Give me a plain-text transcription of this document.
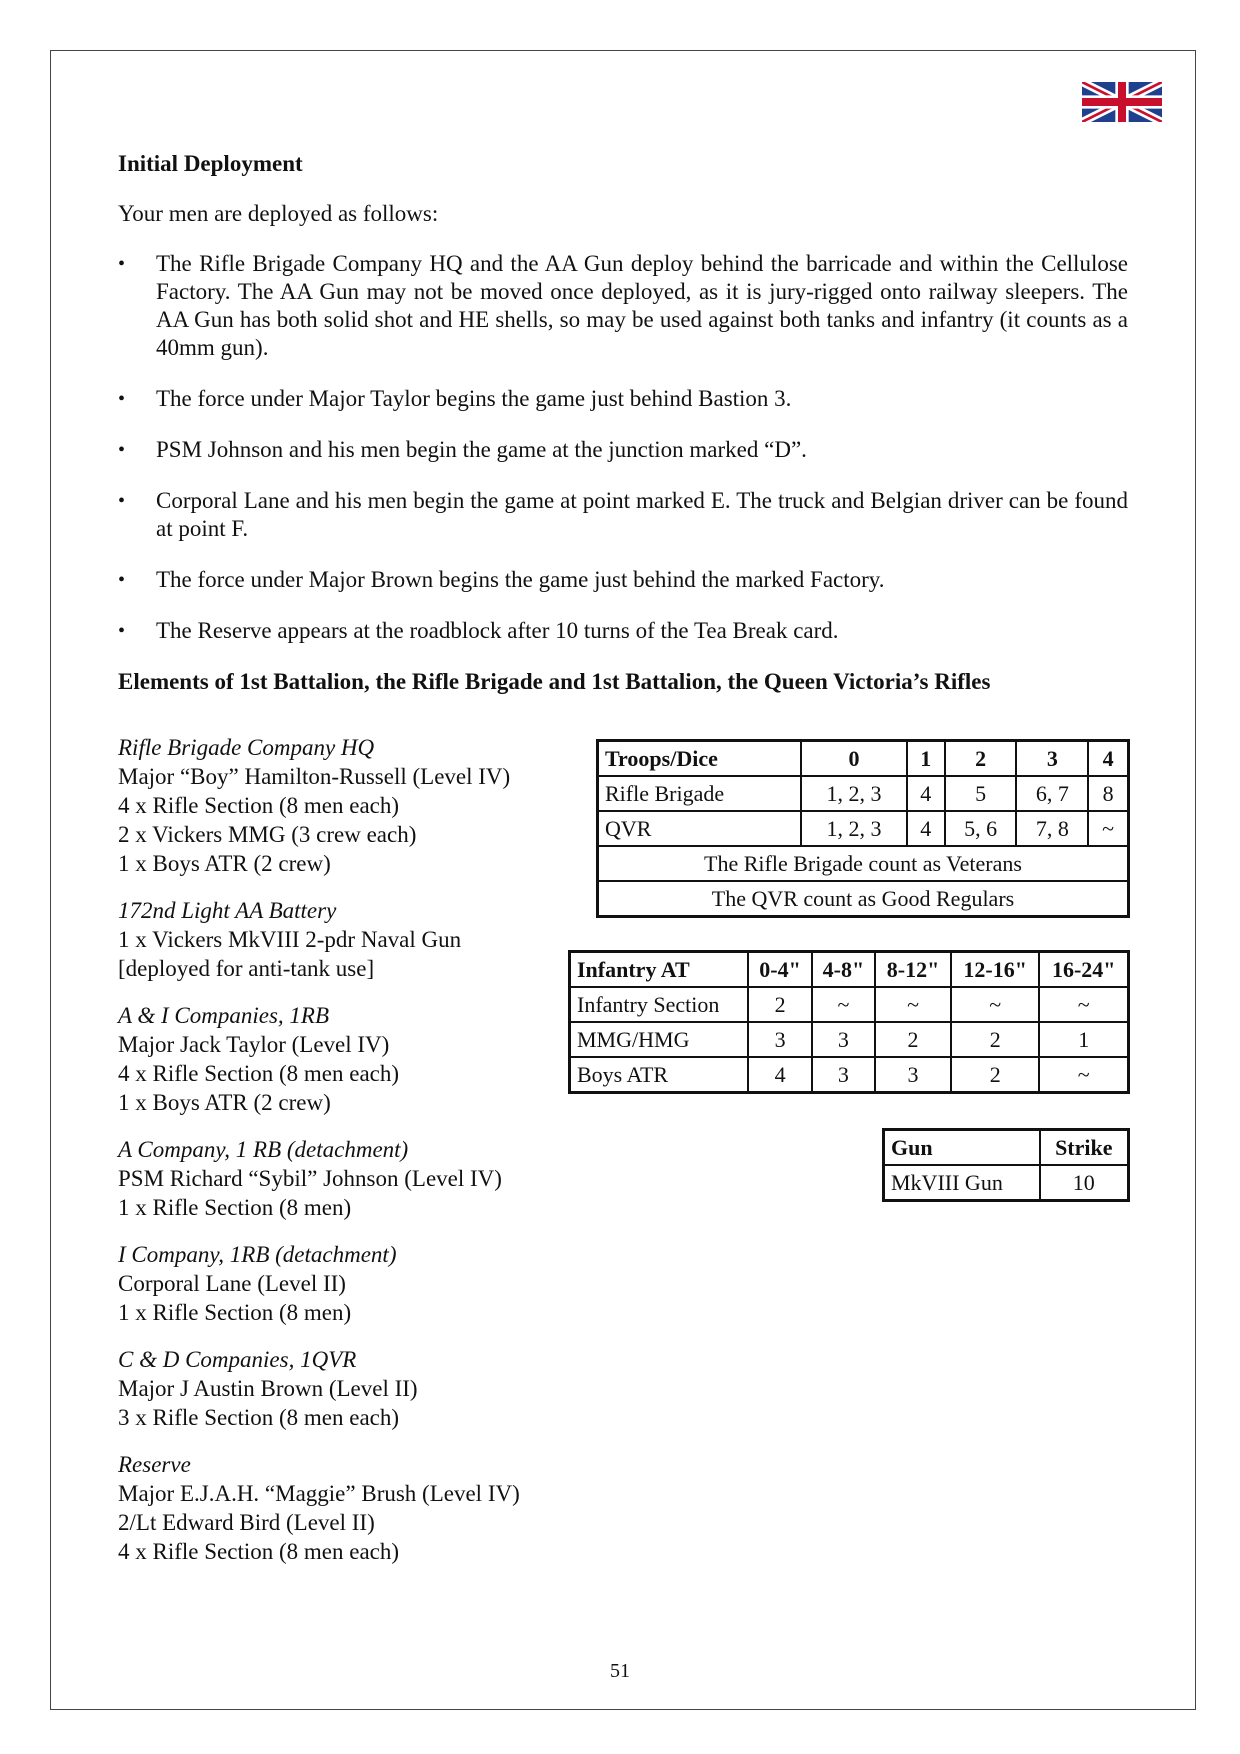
Initial Deployment

Your men are deployed as follows:

• The Rifle Brigade Company HQ and the AA Gun deploy behind the barricade and within the Cellulose Factory. The AA Gun may not be moved once deployed, as it is jury-rigged onto railway sleepers. The AA Gun has both solid shot and HE shells, so may be used against both tanks and infantry (it counts as a 40mm gun).
• The force under Major Taylor begins the game just behind Bastion 3.
• PSM Johnson and his men begin the game at the junction marked “D”.
• Corporal Lane and his men begin the game at point marked E. The truck and Belgian driver can be found at point F.
• The force under Major Brown begins the game just behind the marked Factory.
• The Reserve appears at the roadblock after 10 turns of the Tea Break card.
Elements of 1st Battalion, the Rifle Brigade and 1st Battalion, the Queen Victoria’s Rifles
Rifle Brigade Company HQ
Major “Boy” Hamilton-Russell (Level IV)
4 x Rifle Section (8 men each)
2 x Vickers MMG (3 crew each)
1 x Boys ATR (2 crew)
172nd Light AA Battery
1 x Vickers MkVIII 2-pdr Naval Gun
[deployed for anti-tank use]
A & I Companies, 1RB
Major Jack Taylor (Level IV)
4 x Rifle Section (8 men each)
1 x Boys ATR (2 crew)
A Company, 1 RB (detachment)
PSM Richard “Sybil” Johnson (Level IV)
1 x Rifle Section (8 men)
I Company, 1RB (detachment)
Corporal Lane (Level II)
1 x Rifle Section (8 men)
C & D Companies, 1QVR
Major J Austin Brown (Level II)
3 x Rifle Section (8 men each)
Reserve
Major E.J.A.H. “Maggie” Brush (Level IV)
2/Lt Edward Bird (Level II)
4 x Rifle Section (8 men each)
Troops/Dice	0	1	2	3	4
Rifle Brigade	1, 2, 3	4	5	6, 7	8
QVR	1, 2, 3	4	5, 6	7, 8	~
The Rifle Brigade count as Veterans					
The QVR count as Good Regulars					
Infantry AT	0-4"	4-8"	8-12"	12-16"	16-24"
Infantry Section	2	~	~	~	~
MMG/HMG	3	3	2	2	1
Boys ATR	4	3	3	2	~
Gun	Strike
MkVIII Gun	10
51
